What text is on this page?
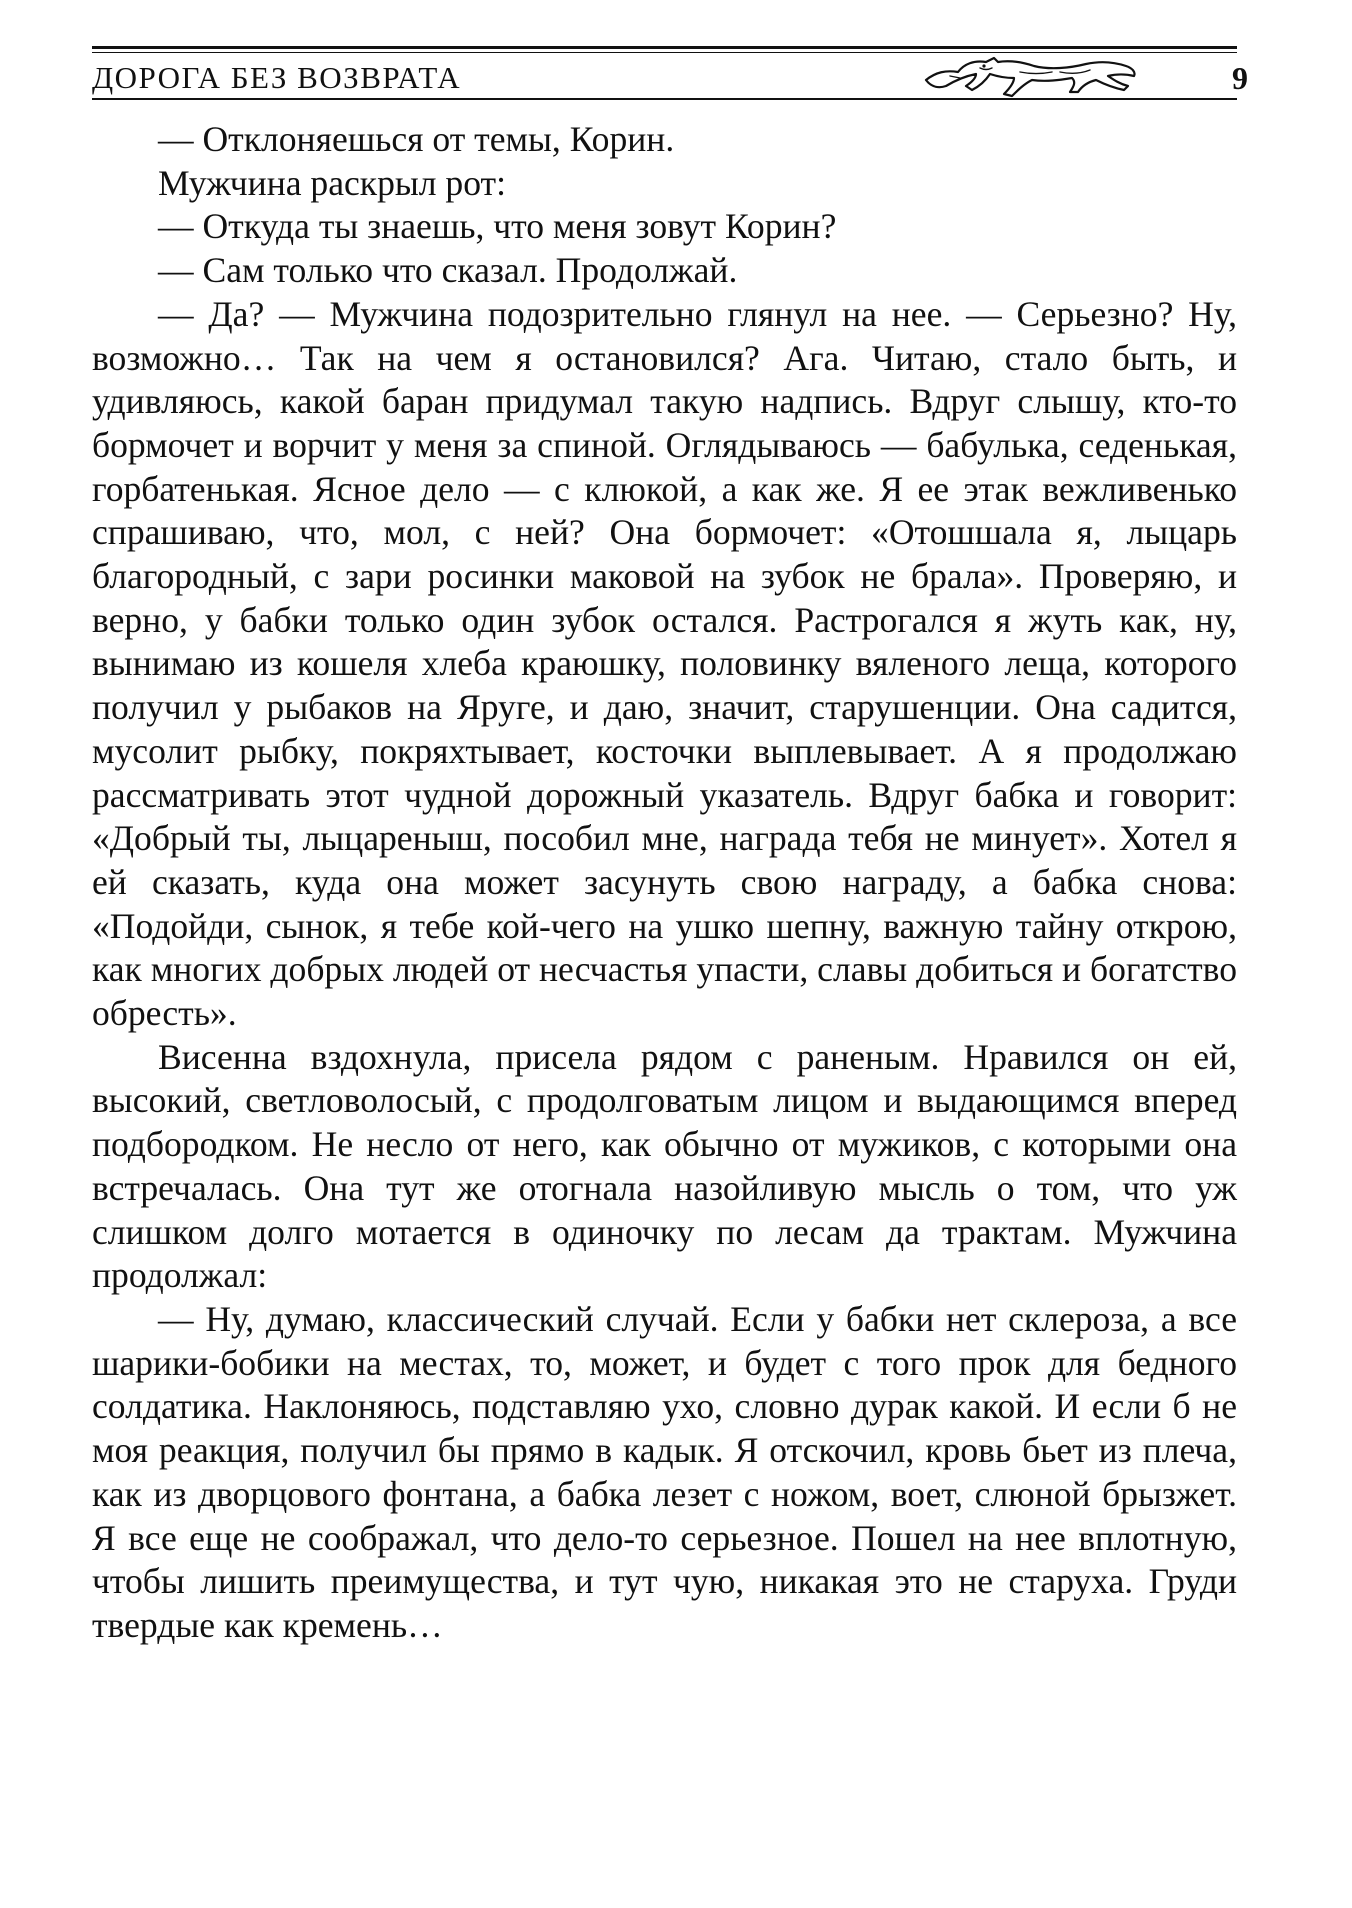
ДОРОГА БЕЗ ВОЗВРАТА	9

— Отклоняешься от темы, Корин.

Мужчина раскрыл рот:

— Откуда ты знаешь, что меня зовут Корин?

— Сам только что сказал. Продолжай.

— Да? — Мужчина подозрительно глянул на нее. — Серьезно? Ну, возможно… Так на чем я остановился? Ага. Читаю, стало быть, и удивляюсь, какой баран придумал такую надпись. Вдруг слышу, кто-то бормочет и ворчит у меня за спиной. Оглядываюсь — бабулька, седенькая, горбатенькая. Ясное дело — с клюкой, а как же. Я ее этак вежливенько спрашиваю, что, мол, с ней? Она бормочет: «Отошшала я, лыцарь благородный, с зари росинки маковой на зубок не брала». Проверяю, и верно, у бабки только один зубок остался. Растрогался я жуть как, ну, вынимаю из кошеля хлеба краюшку, половинку вяленого леща, которого получил у рыбаков на Яруге, и даю, значит, старушенции. Она садится, мусолит рыбку, покряхтывает, косточки выплевывает. А я продолжаю рассматривать этот чудной дорожный указатель. Вдруг бабка и говорит: «Добрый ты, лыцареныш, пособил мне, награда тебя не минует». Хотел я ей сказать, куда она может засунуть свою награду, а бабка снова: «Подойди, сынок, я тебе кой-чего на ушко шепну, важную тайну открою, как многих добрых людей от несчастья упасти, славы добиться и богатство обресть».

Висенна вздохнула, присела рядом с раненым. Нравился он ей, высокий, светловолосый, с продолговатым лицом и выдающимся вперед подбородком. Не несло от него, как обычно от мужиков, с которыми она встречалась. Она тут же отогнала назойливую мысль о том, что уж слишком долго мотается в одиночку по лесам да трактам. Мужчина продолжал:

— Ну, думаю, классический случай. Если у бабки нет склероза, а все шарики-бобики на местах, то, может, и будет с того прок для бедного солдатика. Наклоняюсь, подставляю ухо, словно дурак какой. И если б не моя реакция, получил бы прямо в кадык. Я отскочил, кровь бьет из плеча, как из дворцового фонтана, а бабка лезет с ножом, воет, слюной брызжет. Я все еще не соображал, что дело-то серьезное. Пошел на нее вплотную, чтобы лишить преимущества, и тут чую, никакая это не старуха. Груди твердые как кремень…
